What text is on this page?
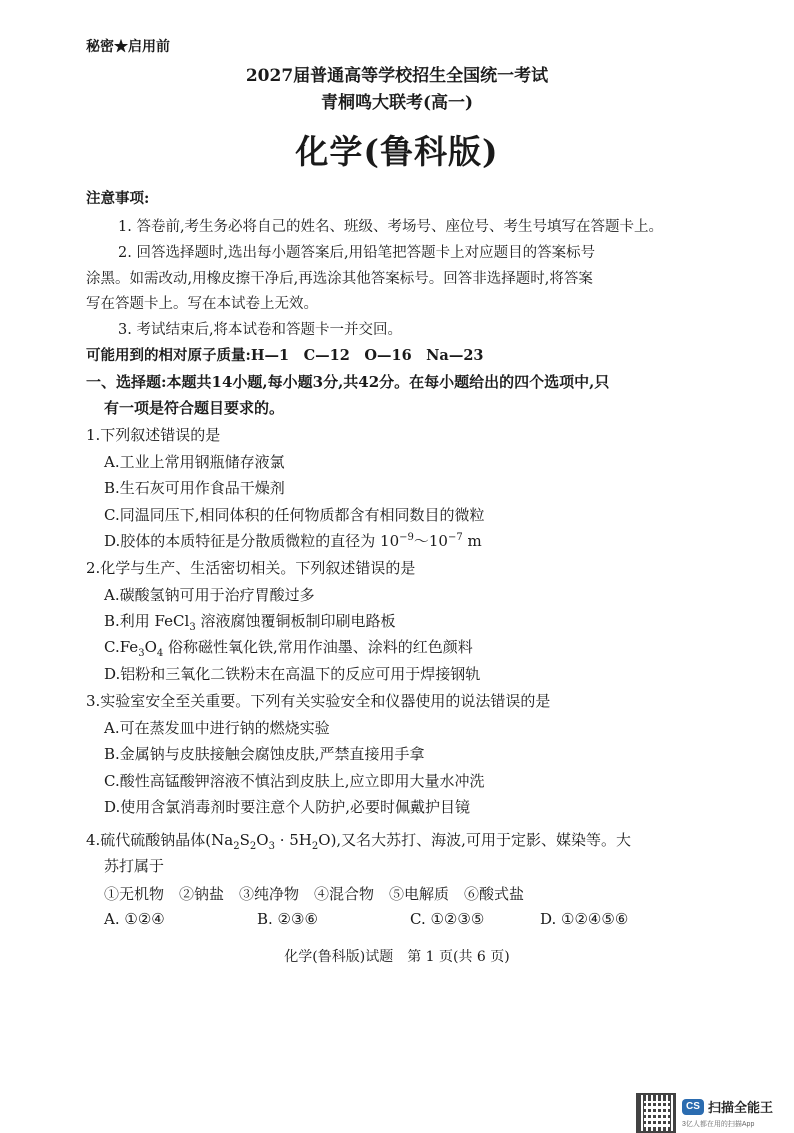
秘密★启用前
2027届普通高等学校招生全国统一考试
青桐鸣大联考(高一)
化学(鲁科版)
注意事项:
1. 答卷前,考生务必将自己的姓名、班级、考场号、座位号、考生号填写在答题卡上。
2. 回答选择题时,选出每小题答案后,用铅笔把答题卡上对应题目的答案标号
涂黑。如需改动,用橡皮擦干净后,再选涂其他答案标号。回答非选择题时,将答案
写在答题卡上。写在本试卷上无效。
3. 考试结束后,将本试卷和答题卡一并交回。
可能用到的相对原子质量:H—1　C—12　O—16　Na—23
一、选择题:本题共14小题,每小题3分,共42分。在每小题给出的四个选项中,只
有一项是符合题目要求的。
1.下列叙述错误的是
A.工业上常用钢瓶储存液氯
B.生石灰可用作食品干燥剂
C.同温同压下,相同体积的任何物质都含有相同数目的微粒
D.胶体的本质特征是分散质微粒的直径为 $10^{-9}\sim 10^{-7}$ m
2.化学与生产、生活密切相关。下列叙述错误的是
A.碳酸氢钠可用于治疗胃酸过多
B.利用 FeCl$_3$ 溶液腐蚀覆铜板制印刷电路板
$C.Fe_3O_4$ 俗称磁性氧化铁,常用作油墨、涂料的红色颜料
D.铝粉和三氧化二铁粉末在高温下的反应可用于焊接钢轨
3.实验室安全至关重要。下列有关实验安全和仪器使用的说法错误的是
A.可在蒸发皿中进行钠的燃烧实验
B.金属钠与皮肤接触会腐蚀皮肤,严禁直接用手拿
C.酸性高锰酸钾溶液不慎沾到皮肤上,应立即用大量水冲洗
D.使用含氯消毒剂时要注意个人防护,必要时佩戴护目镜
4.硫代硫酸钠晶体$(Na_2S_2O_3 \cdot 5H_2O)$,又名大苏打、海波,可用于定影、媒染等。大
苏打属于
①无机物　②钠盐　③纯净物　④混合物　⑤电解质　⑥酸式盐
A. ①②④	B. ②③⑥	C. ①②③⑤	D. ①②④⑤⑥
化学(鲁科版)试题　第 1 页(共 6 页)
CS 扫描全能王
3亿人都在用的扫描App
